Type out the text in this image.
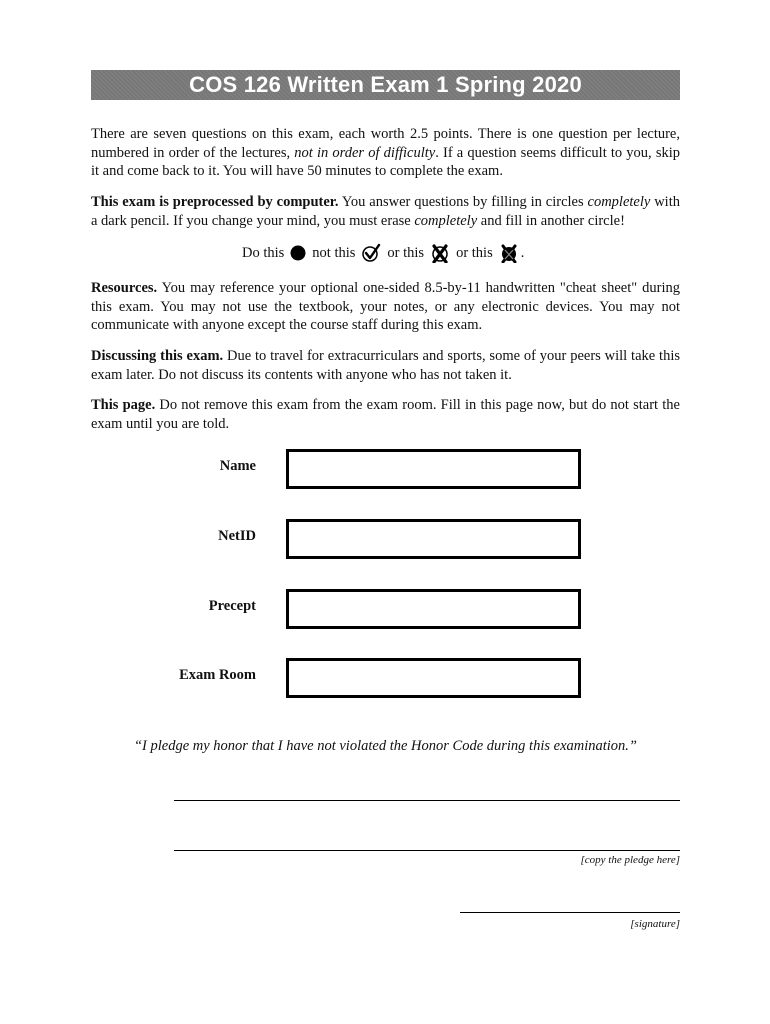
COS 126 Written Exam 1 Spring 2020

There are seven questions on this exam, each worth 2.5 points. There is one question per lecture, numbered in order of the lectures, not in order of difficulty. If a question seems difficult to you, skip it and come back to it. You will have 50 minutes to complete the exam.

This exam is preprocessed by computer. You answer questions by filling in circles completely with a dark pencil. If you change your mind, you must erase completely and fill in another circle!

Do this not this or this or this .

Resources. You may reference your optional one-sided 8.5-by-11 handwritten "cheat sheet" during this exam. You may not use the textbook, your notes, or any electronic devices. You may not communicate with anyone except the course staff during this exam.

Discussing this exam. Due to travel for extracurriculars and sports, some of your peers will take this exam later. Do not discuss its contents with anyone who has not taken it.

This page. Do not remove this exam from the exam room. Fill in this page now, but do not start the exam until you are told.

Name
NetID
Precept
Exam Room
“I pledge my honor that I have not violated the Honor Code during this examination.”
[copy the pledge here]
[signature]
